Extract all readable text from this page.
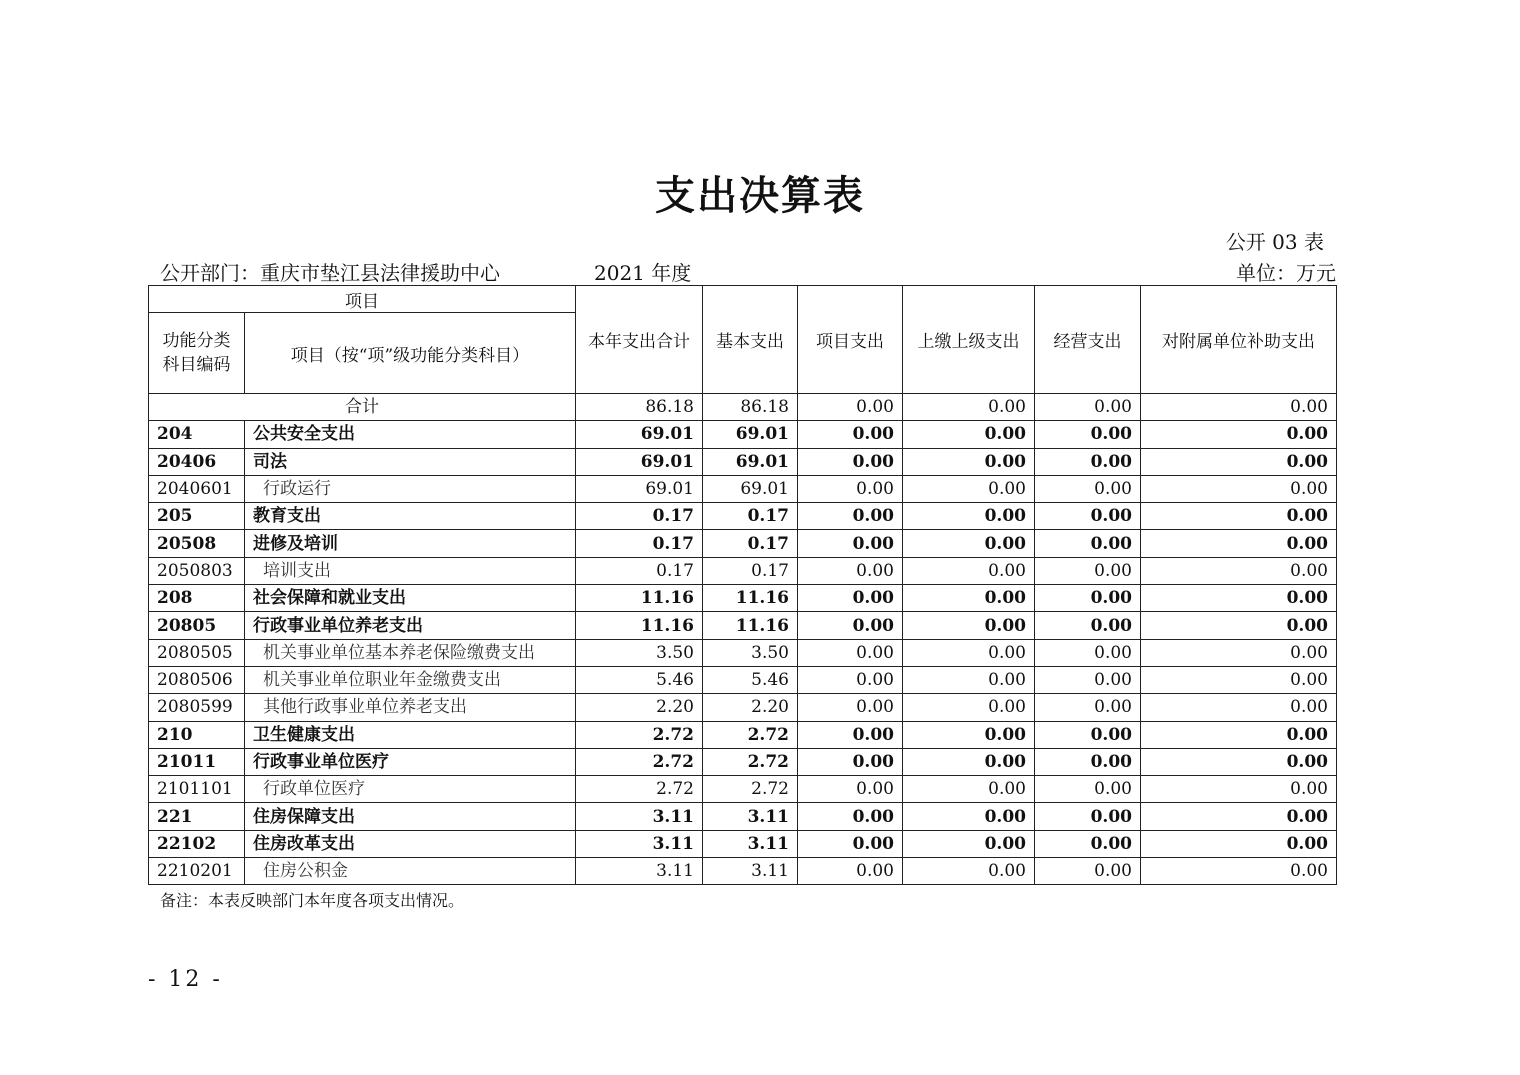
支出决算表
公开 03 表
公开部门：重庆市垫江县法律援助中心	2021 年度	单位：万元
项目		本年支出合计	基本支出	项目支出	上缴上级支出	经营支出	对附属单位补助支出
功能分类科目编码	项目（按“项”级功能分类科目）						
合计		86.18	86.18	0.00	0.00	0.00	0.00
204	公共安全支出	69.01	69.01	0.00	0.00	0.00	0.00
20406	司法	69.01	69.01	0.00	0.00	0.00	0.00
2040601	行政运行	69.01	69.01	0.00	0.00	0.00	0.00
205	教育支出	0.17	0.17	0.00	0.00	0.00	0.00
20508	进修及培训	0.17	0.17	0.00	0.00	0.00	0.00
2050803	培训支出	0.17	0.17	0.00	0.00	0.00	0.00
208	社会保障和就业支出	11.16	11.16	0.00	0.00	0.00	0.00
20805	行政事业单位养老支出	11.16	11.16	0.00	0.00	0.00	0.00
2080505	机关事业单位基本养老保险缴费支出	3.50	3.50	0.00	0.00	0.00	0.00
2080506	机关事业单位职业年金缴费支出	5.46	5.46	0.00	0.00	0.00	0.00
2080599	其他行政事业单位养老支出	2.20	2.20	0.00	0.00	0.00	0.00
210	卫生健康支出	2.72	2.72	0.00	0.00	0.00	0.00
21011	行政事业单位医疗	2.72	2.72	0.00	0.00	0.00	0.00
2101101	行政单位医疗	2.72	2.72	0.00	0.00	0.00	0.00
221	住房保障支出	3.11	3.11	0.00	0.00	0.00	0.00
22102	住房改革支出	3.11	3.11	0.00	0.00	0.00	0.00
2210201	住房公积金	3.11	3.11	0.00	0.00	0.00	0.00
备注：本表反映部门本年度各项支出情况。
- 12 -
